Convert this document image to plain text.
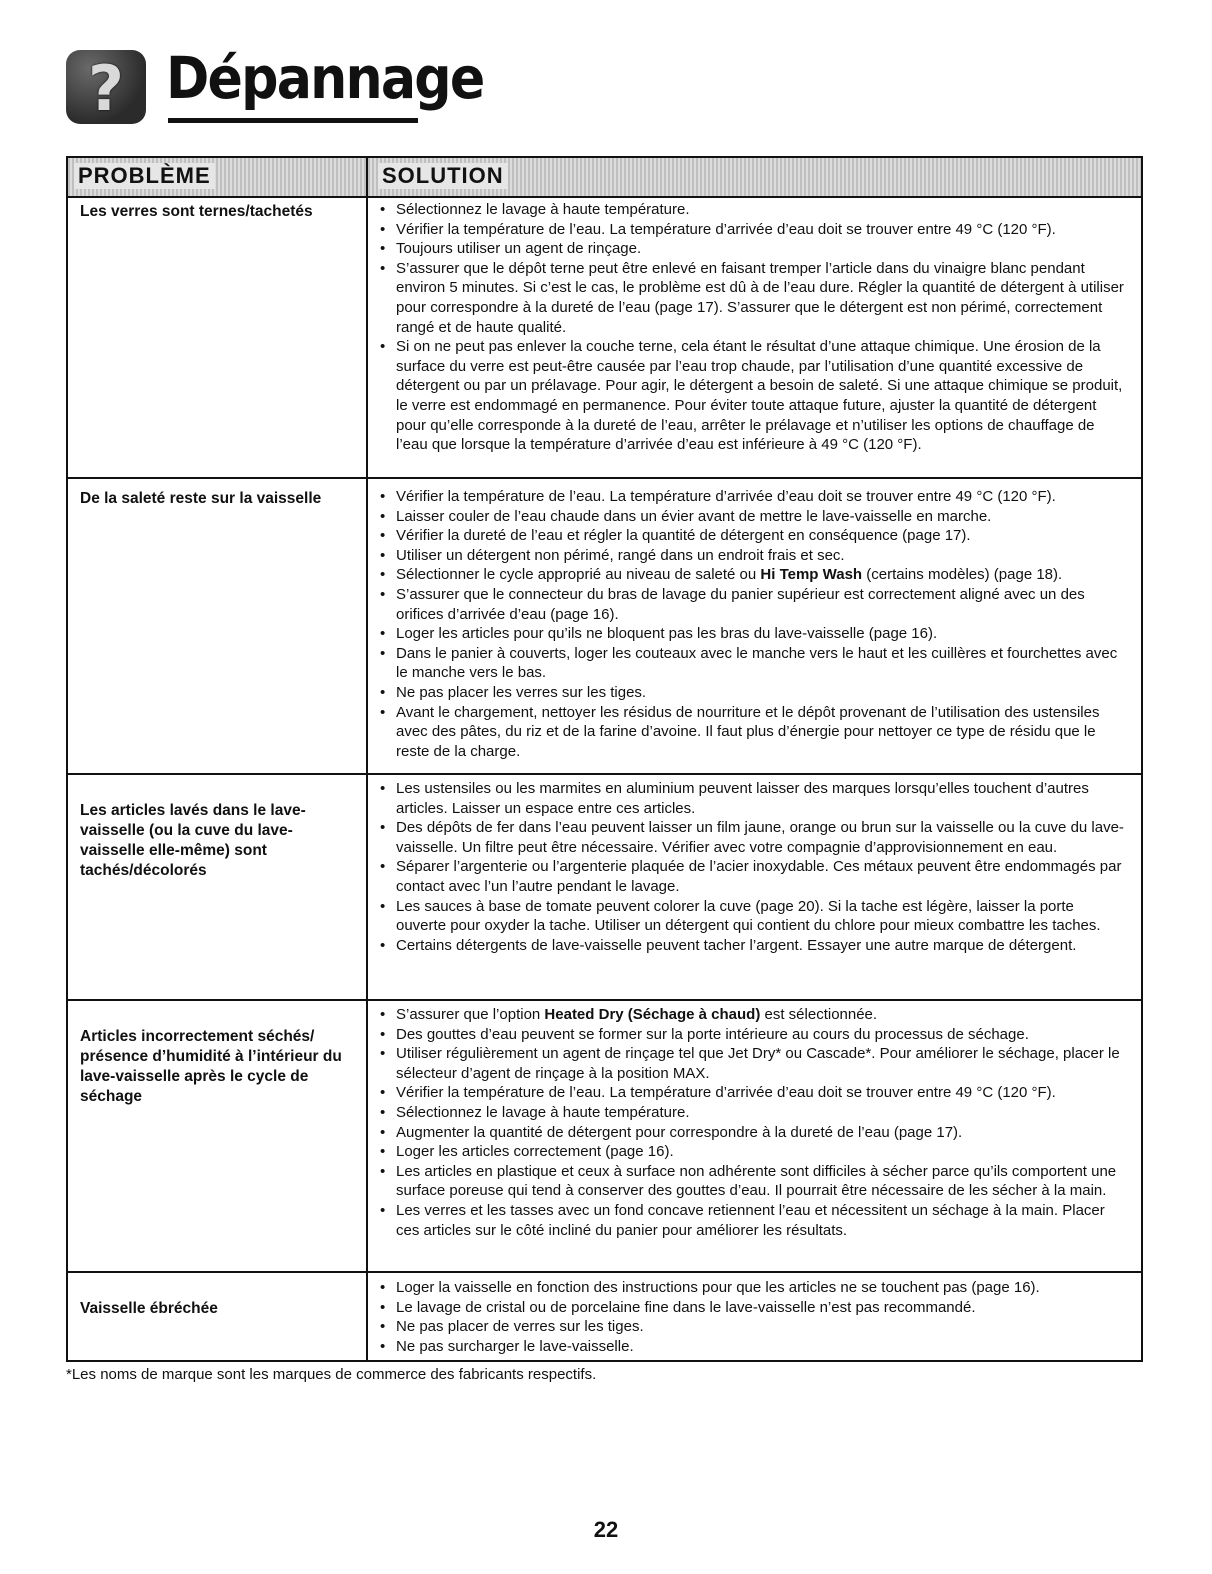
? Dépannage
PROBLÈME	SOLUTION
Les verres sont ternes/tachetés	• Sélectionnez le lavage à haute température.
• Vérifier la température de l’eau. La température d’arrivée d’eau doit se trouver entre 49 °C (120 °F).
• Toujours utiliser un agent de rinçage.
• S’assurer que le dépôt terne peut être enlevé en faisant tremper l’article dans du vinaigre blanc pendant environ 5 minutes. Si c’est le cas, le problème est dû à de l’eau dure. Régler la quantité de détergent à utiliser pour correspondre à la dureté de l’eau (page 17). S’assurer que le détergent est non périmé, correctement rangé et de haute qualité.
• Si on ne peut pas enlever la couche terne, cela étant le résultat d’une attaque chimique. Une érosion de la surface du verre est peut-être causée par l’eau trop chaude, par l’utilisation d’une quantité excessive de détergent ou par un prélavage. Pour agir, le détergent a besoin de saleté. Si une attaque chimique se produit, le verre est endommagé en permanence. Pour éviter toute attaque future, ajuster la quantité de détergent pour qu’elle corresponde à la dureté de l’eau, arrêter le prélavage et n’utiliser les options de chauffage de l’eau que lorsque la température d’arrivée d’eau est inférieure à 49 °C (120 °F).
De la saleté reste sur la vaisselle	• Vérifier la température de l’eau. La température d’arrivée d’eau doit se trouver entre 49 °C (120 °F).
• Laisser couler de l’eau chaude dans un évier avant de mettre le lave-vaisselle en marche.
• Vérifier la dureté de l’eau et régler la quantité de détergent en conséquence (page 17).
• Utiliser un détergent non périmé, rangé dans un endroit frais et sec.
• Sélectionner le cycle approprié au niveau de saleté ou Hi Temp Wash (certains modèles) (page 18).
• S’assurer que le connecteur du bras de lavage du panier supérieur est correctement aligné avec un des orifices d’arrivée d’eau (page 16).
• Loger les articles pour qu’ils ne bloquent pas les bras du lave-vaisselle (page 16).
• Dans le panier à couverts, loger les couteaux avec le manche vers le haut et les cuillères et fourchettes avec le manche vers le bas.
• Ne pas placer les verres sur les tiges.
• Avant le chargement, nettoyer les résidus de nourriture et le dépôt provenant de l’utilisation des ustensiles avec des pâtes, du riz et de la farine d’avoine. Il faut plus d’énergie pour nettoyer ce type de résidu que le reste de la charge.
Les articles lavés dans le lave-vaisselle (ou la cuve du lave-vaisselle elle-même) sont tachés/décolorés
• Les ustensiles ou les marmites en aluminium peuvent laisser des marques lorsqu’elles touchent d’autres articles. Laisser un espace entre ces articles.
• Des dépôts de fer dans l’eau peuvent laisser un film jaune, orange ou brun sur la vaisselle ou la cuve du lave-vaisselle. Un filtre peut être nécessaire. Vérifier avec votre compagnie d’approvisionnement en eau.
• Séparer l’argenterie ou l’argenterie plaquée de l’acier inoxydable. Ces métaux peuvent être endommagés par contact avec l’un l’autre pendant le lavage.
• Les sauces à base de tomate peuvent colorer la cuve (page 20). Si la tache est légère, laisser la porte ouverte pour oxyder la tache. Utiliser un détergent qui contient du chlore pour mieux combattre les taches.
• Certains détergents de lave-vaisselle peuvent tacher l’argent. Essayer une autre marque de détergent.
Articles incorrectement séchés/ présence d’humidité à l’intérieur du lave-vaisselle après le cycle de séchage
• S’assurer que l’option Heated Dry (Séchage à chaud) est sélectionnée.
• Des gouttes d’eau peuvent se former sur la porte intérieure au cours du processus de séchage.
• Utiliser régulièrement un agent de rinçage tel que Jet Dry* ou Cascade*. Pour améliorer le séchage, placer le sélecteur d’agent de rinçage à la position MAX.
• Vérifier la température de l’eau. La température d’arrivée d’eau doit se trouver entre 49 °C (120 °F).
• Sélectionnez le lavage à haute température.
• Augmenter la quantité de détergent pour correspondre à la dureté de l’eau (page 17).
• Loger les articles correctement (page 16).
• Les articles en plastique et ceux à surface non adhérente sont difficiles à sécher parce qu’ils comportent une surface poreuse qui tend à conserver des gouttes d’eau. Il pourrait être nécessaire de les sécher à la main.
• Les verres et les tasses avec un fond concave retiennent l’eau et nécessitent un séchage à la main. Placer ces articles sur le côté incliné du panier pour améliorer les résultats.
Vaisselle ébréchée
• Loger la vaisselle en fonction des instructions pour que les articles ne se touchent pas (page 16).
• Le lavage de cristal ou de porcelaine fine dans le lave-vaisselle n’est pas recommandé.
• Ne pas placer de verres sur les tiges.
• Ne pas surcharger le lave-vaisselle.
*Les noms de marque sont les marques de commerce des fabricants respectifs.
22
